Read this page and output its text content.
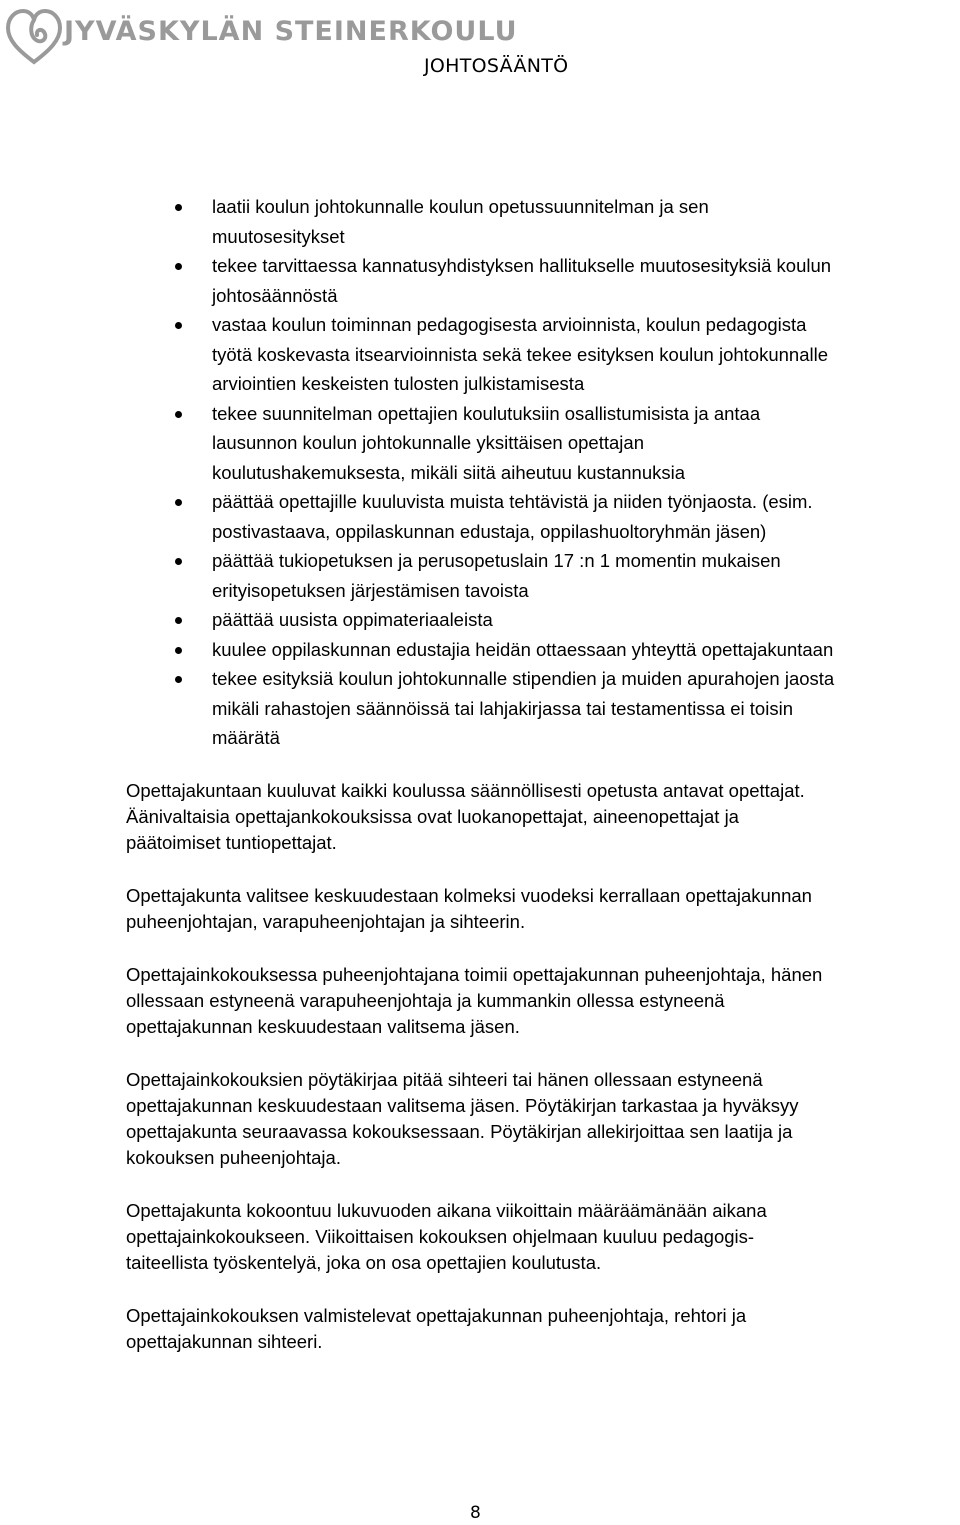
JYVÄSKYLÄN STEINERKOULU
JOHTOSÄÄNTÖ
laatii koulun johtokunnalle koulun opetussuunnitelman ja sen
muutosesitykset
tekee tarvittaessa kannatusyhdistyksen hallitukselle muutosesityksiä koulun
johtosäännöstä
vastaa koulun toiminnan pedagogisesta arvioinnista, koulun pedagogista
työtä koskevasta itsearvioinnista sekä tekee esityksen koulun johtokunnalle
arviointien keskeisten tulosten julkistamisesta
tekee suunnitelman opettajien koulutuksiin osallistumisista ja antaa
lausunnon koulun johtokunnalle yksittäisen opettajan
koulutushakemuksesta, mikäli siitä aiheutuu kustannuksia
päättää opettajille kuuluvista muista tehtävistä ja niiden työnjaosta. (esim.
postivastaava, oppilaskunnan edustaja, oppilashuoltoryhmän jäsen)
päättää tukiopetuksen ja perusopetuslain 17 :n 1 momentin mukaisen
erityisopetuksen järjestämisen tavoista
päättää uusista oppimateriaaleista
kuulee oppilaskunnan edustajia heidän ottaessaan yhteyttä opettajakuntaan
tekee esityksiä koulun johtokunnalle stipendien ja muiden apurahojen jaosta
mikäli rahastojen säännöissä tai lahjakirjassa tai testamentissa ei toisin
määrätä

Opettajakuntaan kuuluvat kaikki koulussa säännöllisesti opetusta antavat opettajat.
Äänivaltaisia opettajankokouksissa ovat luokanopettajat, aineenopettajat ja
päätoimiset tuntiopettajat.

Opettajakunta valitsee keskuudestaan kolmeksi vuodeksi kerrallaan opettajakunnan
puheenjohtajan, varapuheenjohtajan ja sihteerin.

Opettajainkokouksessa puheenjohtajana toimii opettajakunnan puheenjohtaja, hänen
ollessaan estyneenä varapuheenjohtaja ja kummankin ollessa estyneenä
opettajakunnan keskuudestaan valitsema jäsen.

Opettajainkokouksien pöytäkirjaa pitää sihteeri tai hänen ollessaan estyneenä
opettajakunnan keskuudestaan valitsema jäsen. Pöytäkirjan tarkastaa ja hyväksyy
opettajakunta seuraavassa kokouksessaan. Pöytäkirjan allekirjoittaa sen laatija ja
kokouksen puheenjohtaja.

Opettajakunta kokoontuu lukuvuoden aikana viikoittain määräämänään aikana
opettajainkokoukseen. Viikoittaisen kokouksen ohjelmaan kuuluu pedagogis-
taiteellista työskentelyä, joka on osa opettajien koulutusta.

Opettajainkokouksen valmistelevat opettajakunnan puheenjohtaja, rehtori ja
opettajakunnan sihteeri.

8
